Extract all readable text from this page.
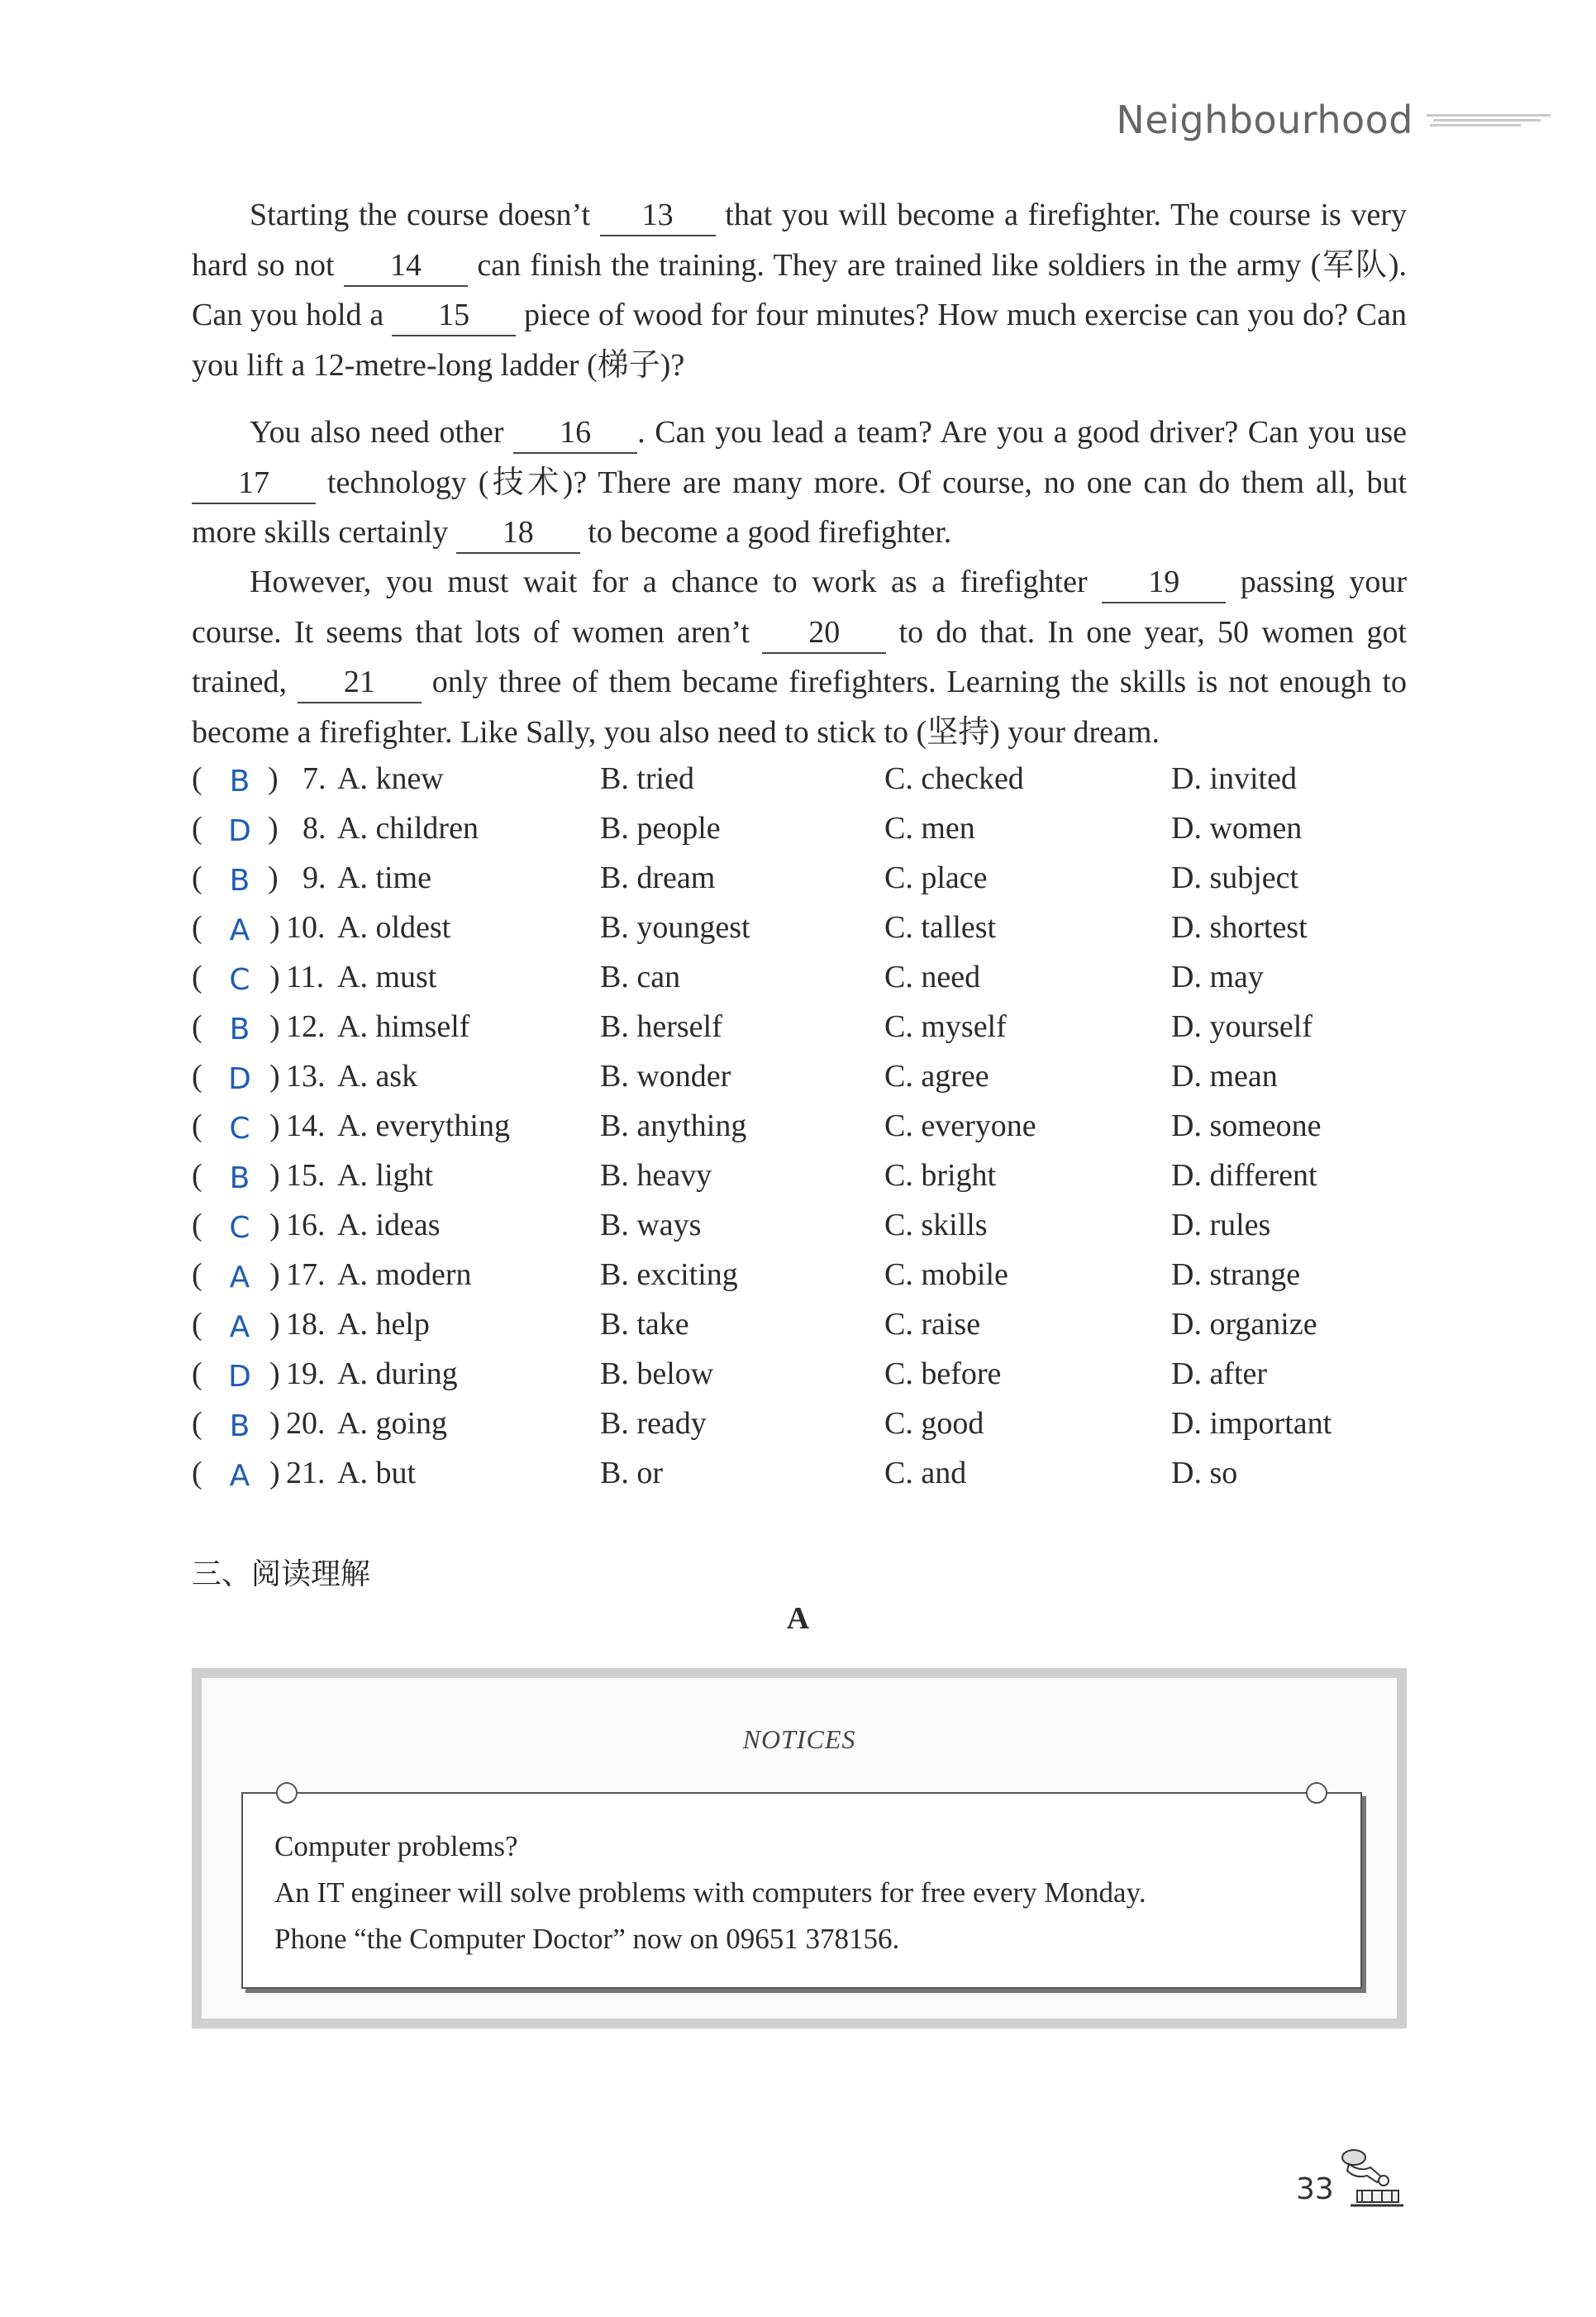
Neighbourhood

Starting the course doesn’t 13 that you will become a firefighter. The course is very hard so not 14 can finish the training. They are trained like soldiers in the army (军队). Can you hold a 15 piece of wood for four minutes? How much exercise can you do? Can you lift a 12-metre-long ladder (梯子)?

You also need other 16 . Can you lead a team? Are you a good driver? Can you use 17 technology (技术)? There are many more. Of course, no one can do them all, but more skills certainly 18 to become a good firefighter.

However, you must wait for a chance to work as a firefighter 19 passing your course. It seems that lots of women aren’t 20 to do that. In one year, 50 women got trained, 21 only three of them became firefighters. Learning the skills is not enough to become a firefighter. Like Sally, you also need to stick to (坚持) your dream.

( B ) 7. A. knew	B. tried	C. checked	D. invited
( D ) 8. A. children	B. people	C. men	D. women
( B ) 9. A. time	B. dream	C. place	D. subject
( A ) 10. A. oldest	B. youngest	C. tallest	D. shortest
( C ) 11. A. must	B. can	C. need	D. may
( B ) 12. A. himself	B. herself	C. myself	D. yourself
( D ) 13. A. ask	B. wonder	C. agree	D. mean
( C ) 14. A. everything	B. anything	C. everyone	D. someone
( B ) 15. A. light	B. heavy	C. bright	D. different
( C ) 16. A. ideas	B. ways	C. skills	D. rules
( A ) 17. A. modern	B. exciting	C. mobile	D. strange
( A ) 18. A. help	B. take	C. raise	D. organize
( D ) 19. A. during	B. below	C. before	D. after
( B ) 20. A. going	B. ready	C. good	D. important
( A ) 21. A. but	B. or	C. and	D. so
三、阅读理解
A
NOTICES
Computer problems?
An IT engineer will solve problems with computers for free every Monday.
Phone “the Computer Doctor” now on 09651 378156.
33
